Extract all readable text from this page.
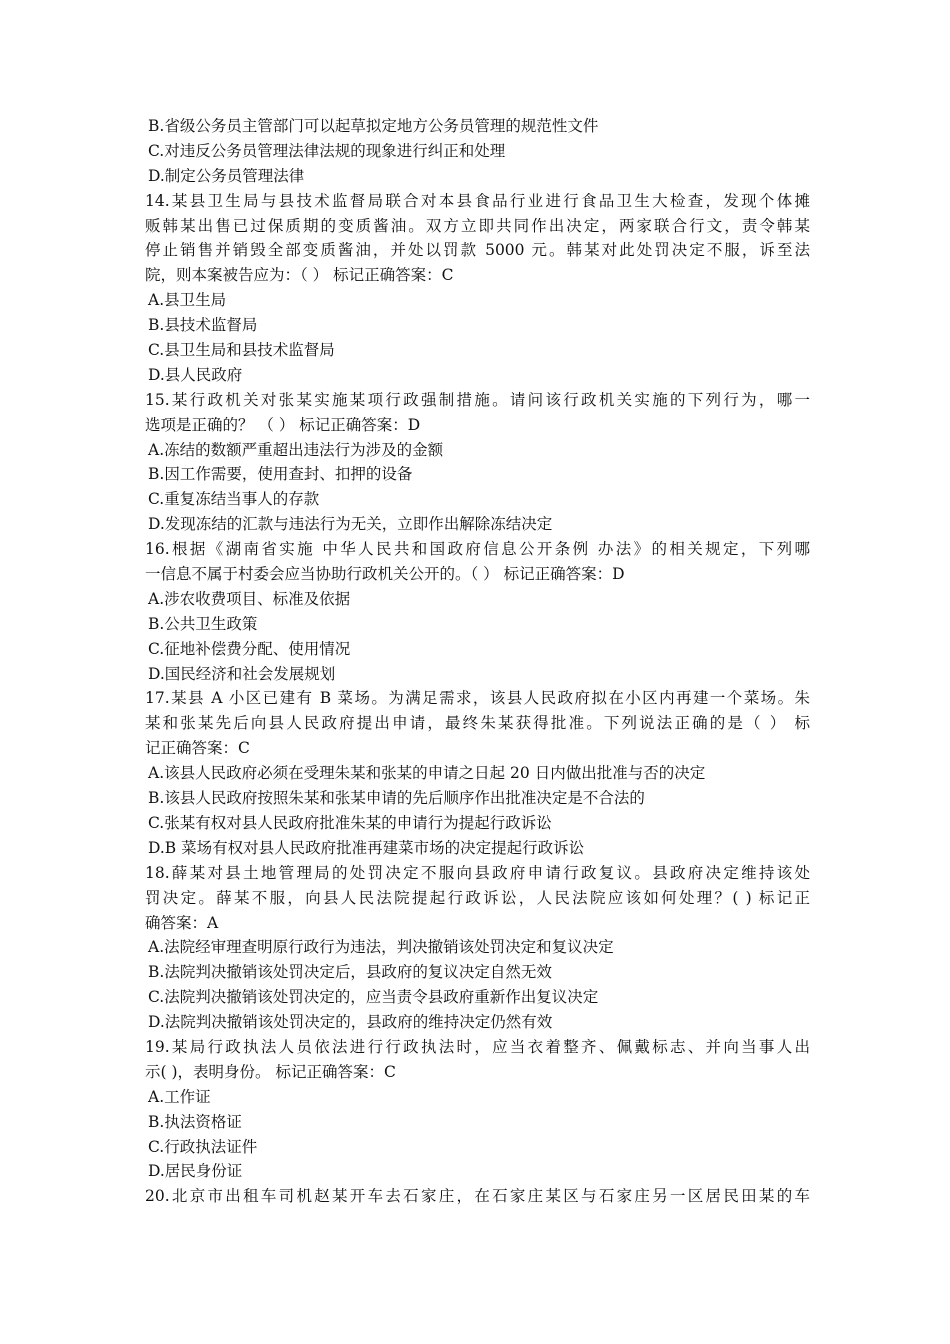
B.省级公务员主管部门可以起草拟定地方公务员管理的规范性文件
C.对违反公务员管理法律法规的现象进行纠正和处理
D.制定公务员管理法律
14.某县卫生局与县技术监督局联合对本县食品行业进行食品卫生大检查，发现个体摊
贩韩某出售已过保质期的变质酱油。双方立即共同作出决定，两家联合行文，责令韩某
停止销售并销毁全部变质酱油，并处以罚款 5000 元。韩某对此处罚决定不服，诉至法
院，则本案被告应为：（ ） 标记正确答案：C
A.县卫生局
B.县技术监督局
C.县卫生局和县技术监督局
D.县人民政府
15.某行政机关对张某实施某项行政强制措施。请问该行政机关实施的下列行为，哪一
选项是正确的？ （ ） 标记正确答案：D
A.冻结的数额严重超出违法行为涉及的金额
B.因工作需要，使用查封、扣押的设备
C.重复冻结当事人的存款
D.发现冻结的汇款与违法行为无关，立即作出解除冻结决定
16.根据《湖南省实施 中华人民共和国政府信息公开条例 办法》的相关规定，下列哪
一信息不属于村委会应当协助行政机关公开的。（ ） 标记正确答案：D
A.涉农收费项目、标准及依据
B.公共卫生政策
C.征地补偿费分配、使用情况
D.国民经济和社会发展规划
17.某县 A 小区已建有 B 菜场。为满足需求，该县人民政府拟在小区内再建一个菜场。朱
某和张某先后向县人民政府提出申请，最终朱某获得批准。下列说法正确的是（ ） 标
记正确答案：C
A.该县人民政府必须在受理朱某和张某的申请之日起 20 日内做出批准与否的决定
B.该县人民政府按照朱某和张某申请的先后顺序作出批准决定是不合法的
C.张某有权对县人民政府批准朱某的申请行为提起行政诉讼
D.B 菜场有权对县人民政府批准再建菜市场的决定提起行政诉讼
18.薛某对县土地管理局的处罚决定不服向县政府申请行政复议。县政府决定维持该处
罚决定。薛某不服，向县人民法院提起行政诉讼，人民法院应该如何处理？( ) 标记正
确答案：A
A.法院经审理查明原行政行为违法，判决撤销该处罚决定和复议决定
B.法院判决撤销该处罚决定后，县政府的复议决定自然无效
C.法院判决撤销该处罚决定的，应当责令县政府重新作出复议决定
D.法院判决撤销该处罚决定的，县政府的维持决定仍然有效
19.某局行政执法人员依法进行行政执法时，应当衣着整齐、佩戴标志、并向当事人出
示( )，表明身份。 标记正确答案：C
A.工作证
B.执法资格证
C.行政执法证件
D.居民身份证
20.北京市出租车司机赵某开车去石家庄，在石家庄某区与石家庄另一区居民田某的车
